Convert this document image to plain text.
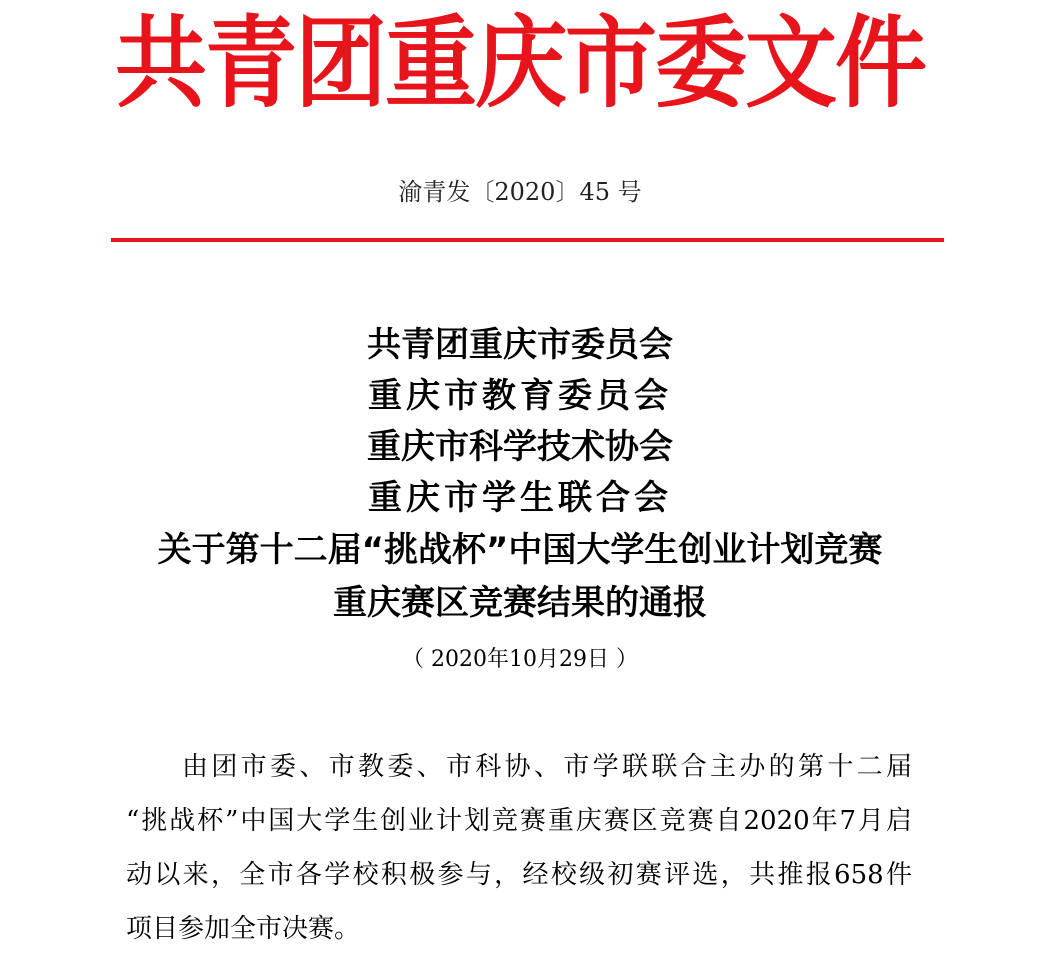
共青团重庆市委文件
渝青发〔2020〕45 号
共青团重庆市委员会
重庆市教育委员会
重庆市科学技术协会
重庆市学生联合会
关于第十二届“挑战杯”中国大学生创业计划竞赛
重庆赛区竞赛结果的通报
（ 2020年10月29日 ）
由团市委、市教委、市科协、市学联联合主办的第十二届
“挑战杯”中国大学生创业计划竞赛重庆赛区竞赛自2020年7月启
动以来，全市各学校积极参与，经校级初赛评选，共推报658件
项目参加全市决赛。
